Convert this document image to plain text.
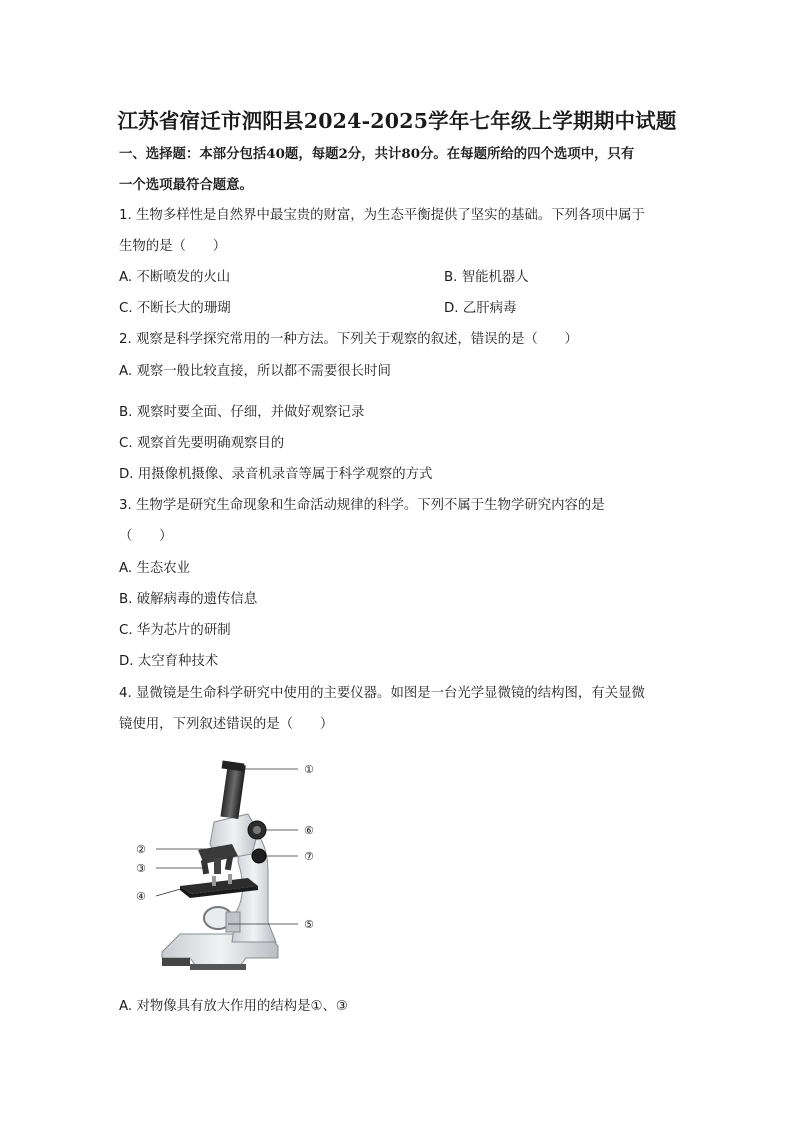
江苏省宿迁市泗阳县2024-2025学年七年级上学期期中试题
一、选择题：本部分包括40题，每题2分，共计80分。在每题所给的四个选项中，只有
一个选项最符合题意。
1. 生物多样性是自然界中最宝贵的财富，为生态平衡提供了坚实的基础。下列各项中属于
生物的是（　　）
A. 不断喷发的火山	B. 智能机器人
C. 不断长大的珊瑚	D. 乙肝病毒
2. 观察是科学探究常用的一种方法。下列关于观察的叙述，错误的是（　　）
A. 观察一般比较直接，所以都不需要很长时间
B. 观察时要全面、仔细，并做好观察记录
C. 观察首先要明确观察目的
D. 用摄像机摄像、录音机录音等属于科学观察的方式
3. 生物学是研究生命现象和生命活动规律的科学。下列不属于生物学研究内容的是
（　　）
A. 生态农业
B. 破解病毒的遗传信息
C. 华为芯片的研制
D. 太空育种技术
4. 显微镜是生命科学研究中使用的主要仪器。如图是一台光学显微镜的结构图，有关显微
镜使用，下列叙述错误的是（　　）
①
②
③
④
⑤
⑥
⑦
A. 对物像具有放大作用的结构是①、③
